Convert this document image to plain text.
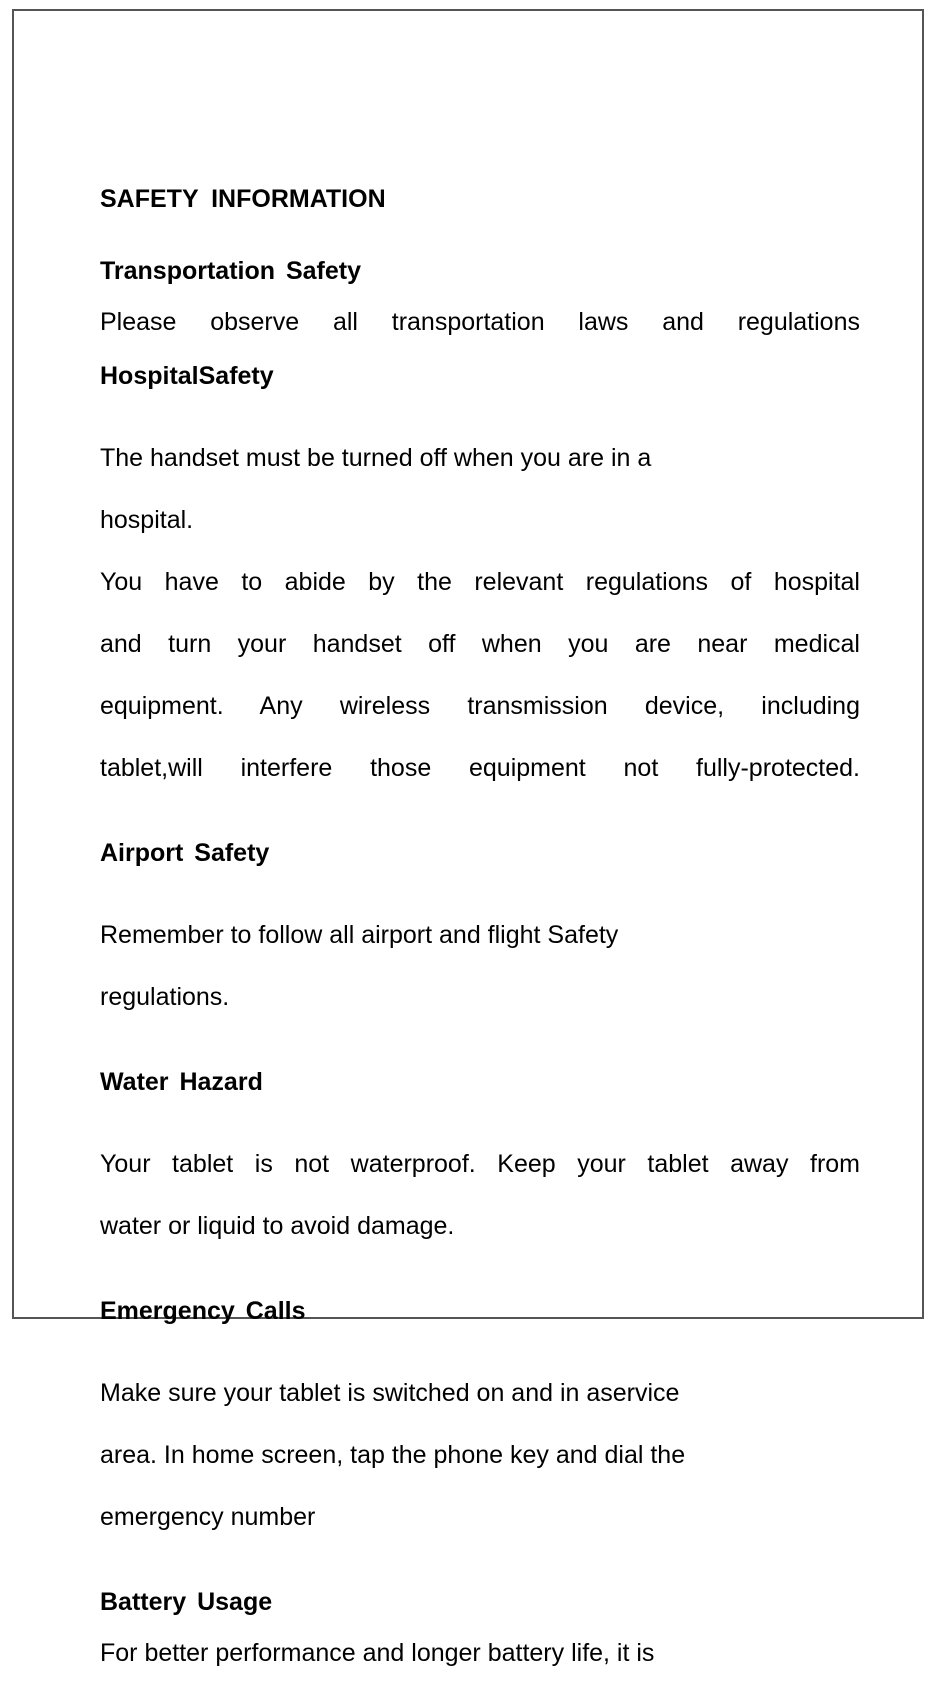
SAFETY INFORMATION
Transportation Safety
Please observe all transportation laws and regulations
HospitalSafety

The handset must be turned off when you are in a

hospital.

You have to abide by the relevant regulations of hospital

and turn your handset off when you are near medical

equipment. Any wireless transmission device, including

tablet,will interfere those equipment not fully-protected.

Airport Safety

Remember to follow all airport and flight Safety

regulations.

Water Hazard

Your tablet is not waterproof. Keep your tablet away from

water or liquid to avoid damage.

Emergency Calls

Make sure your tablet is switched on and in aservice

area. In home screen, tap the phone key and dial the

emergency number

Battery Usage
For better performance and longer battery life, it is
